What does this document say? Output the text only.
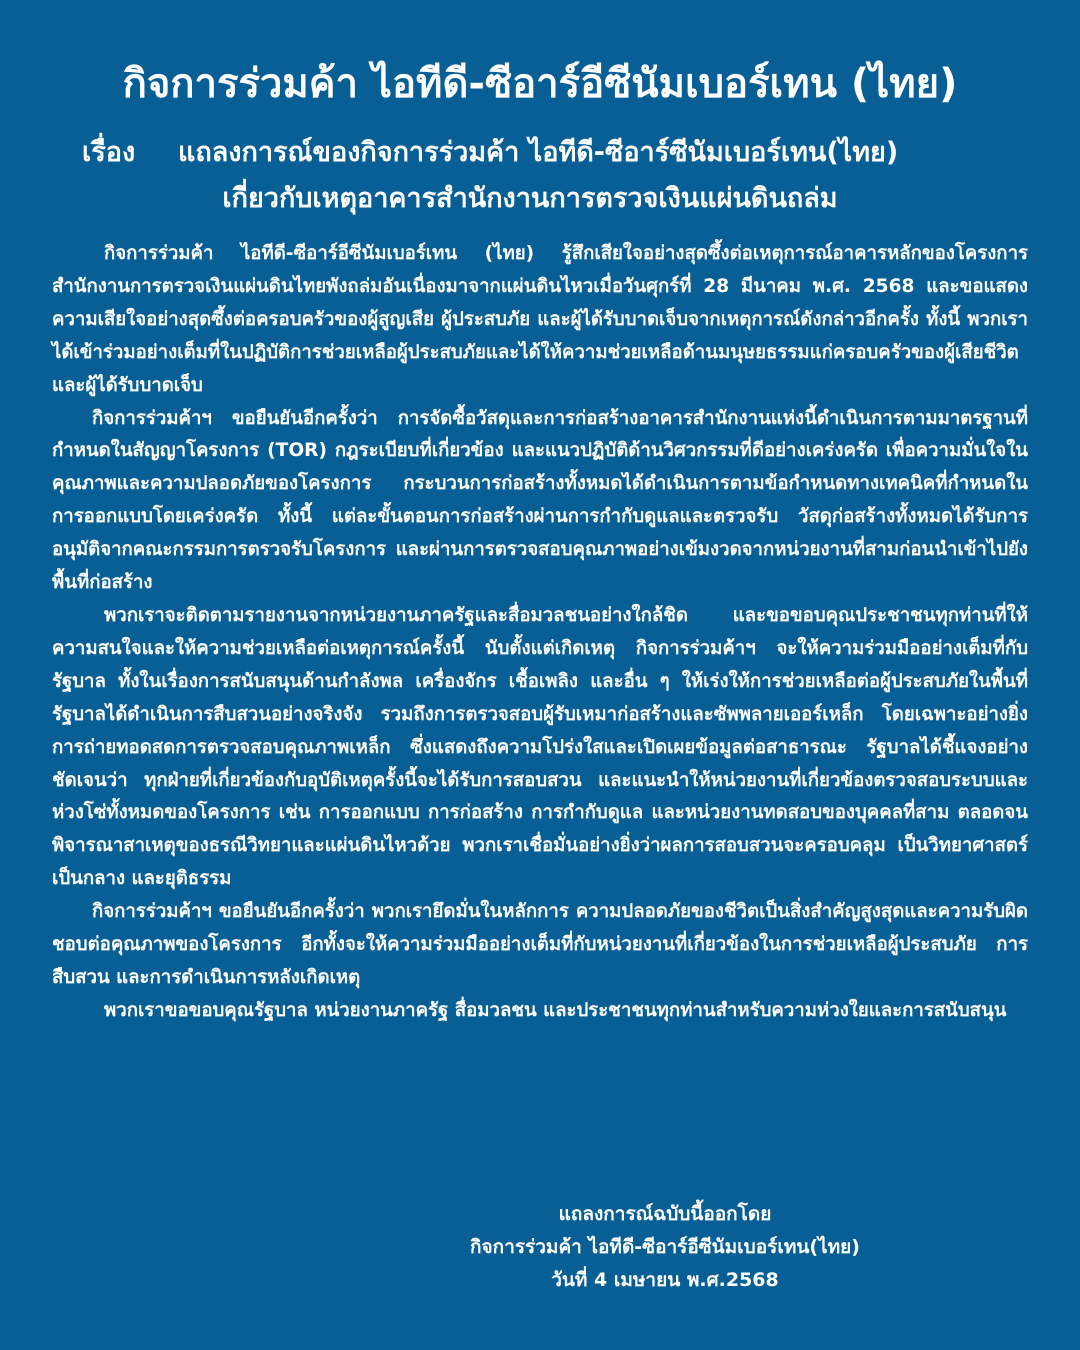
กิจการร่วมค้า ไอทีดี-ซีอาร์อีซีนัมเบอร์เทน (ไทย)
เรื่อง แถลงการณ์ของกิจการร่วมค้า ไอทีดี-ซีอาร์ซีนัมเบอร์เทน(ไทย)
เกี่ยวกับเหตุอาคารสำนักงานการตรวจเงินแผ่นดินถล่ม

กิจการร่วมค้า ไอทีดี-ซีอาร์อีซีนัมเบอร์เทน (ไทย) รู้สึกเสียใจอย่างสุดซึ้งต่อเหตุการณ์อาคารหลักของโครงการสำนักงานการตรวจเงินแผ่นดินไทยพังถล่มอันเนื่องมาจากแผ่นดินไหวเมื่อวันศุกร์ที่ 28 มีนาคม พ.ศ. 2568 และขอแสดงความเสียใจอย่างสุดซึ้งต่อครอบครัวของผู้สูญเสีย ผู้ประสบภัย และผู้ได้รับบาดเจ็บจากเหตุการณ์ดังกล่าวอีกครั้ง ทั้งนี้ พวกเราได้เข้าร่วมอย่างเต็มที่ในปฏิบัติการช่วยเหลือผู้ประสบภัยและได้ให้ความช่วยเหลือด้านมนุษยธรรมแก่ครอบครัวของผู้เสียชีวิตและผู้ได้รับบาดเจ็บ

กิจการร่วมค้าฯ ขอยืนยันอีกครั้งว่า การจัดซื้อวัสดุและการก่อสร้างอาคารสำนักงานแห่งนี้ดำเนินการตามมาตรฐานที่กำหนดในสัญญาโครงการ (TOR) กฎระเบียบที่เกี่ยวข้อง และแนวปฏิบัติด้านวิศวกรรมที่ดีอย่างเคร่งครัด เพื่อความมั่นใจในคุณภาพและความปลอดภัยของโครงการ กระบวนการก่อสร้างทั้งหมดได้ดำเนินการตามข้อกำหนดทางเทคนิคที่กำหนดในการออกแบบโดยเคร่งครัด ทั้งนี้ แต่ละขั้นตอนการก่อสร้างผ่านการกำกับดูแลและตรวจรับ วัสดุก่อสร้างทั้งหมดได้รับการอนุมัติจากคณะกรรมการตรวจรับโครงการ และผ่านการตรวจสอบคุณภาพอย่างเข้มงวดจากหน่วยงานที่สามก่อนนำเข้าไปยังพื้นที่ก่อสร้าง

พวกเราจะติดตามรายงานจากหน่วยงานภาครัฐและสื่อมวลชนอย่างใกล้ชิด และขอขอบคุณประชาชนทุกท่านที่ให้ความสนใจและให้ความช่วยเหลือต่อเหตุการณ์ครั้งนี้ นับตั้งแต่เกิดเหตุ กิจการร่วมค้าฯ จะให้ความร่วมมืออย่างเต็มที่กับรัฐบาล ทั้งในเรื่องการสนับสนุนด้านกำลังพล เครื่องจักร เชื้อเพลิง และอื่น ๆ ให้เร่งให้การช่วยเหลือต่อผู้ประสบภัยในพื้นที่ รัฐบาลได้ดำเนินการสืบสวนอย่างจริงจัง รวมถึงการตรวจสอบผู้รับเหมาก่อสร้างและซัพพลายเออร์เหล็ก โดยเฉพาะอย่างยิ่งการถ่ายทอดสดการตรวจสอบคุณภาพเหล็ก ซึ่งแสดงถึงความโปร่งใสและเปิดเผยข้อมูลต่อสาธารณะ รัฐบาลได้ชี้แจงอย่างชัดเจนว่า ทุกฝ่ายที่เกี่ยวข้องกับอุบัติเหตุครั้งนี้จะได้รับการสอบสวน และแนะนำให้หน่วยงานที่เกี่ยวข้องตรวจสอบระบบและห่วงโซ่ทั้งหมดของโครงการ เช่น การออกแบบ การก่อสร้าง การกำกับดูแล และหน่วยงานทดสอบของบุคคลที่สาม ตลอดจนพิจารณาสาเหตุของธรณีวิทยาและแผ่นดินไหวด้วย พวกเราเชื่อมั่นอย่างยิ่งว่าผลการสอบสวนจะครอบคลุม เป็นวิทยาศาสตร์ เป็นกลาง และยุติธรรม

กิจการร่วมค้าฯ ขอยืนยันอีกครั้งว่า พวกเรายึดมั่นในหลักการ ความปลอดภัยของชีวิตเป็นสิ่งสำคัญสูงสุดและความรับผิดชอบต่อคุณภาพของโครงการ อีกทั้งจะให้ความร่วมมืออย่างเต็มที่กับหน่วยงานที่เกี่ยวข้องในการช่วยเหลือผู้ประสบภัย การสืบสวน และการดำเนินการหลังเกิดเหตุ

พวกเราขอขอบคุณรัฐบาล หน่วยงานภาครัฐ สื่อมวลชน และประชาชนทุกท่านสำหรับความห่วงใยและการสนับสนุน

แถลงการณ์ฉบับนี้ออกโดย
กิจการร่วมค้า ไอทีดี-ซีอาร์อีซีนัมเบอร์เทน(ไทย)
วันที่ 4 เมษายน พ.ศ.2568
